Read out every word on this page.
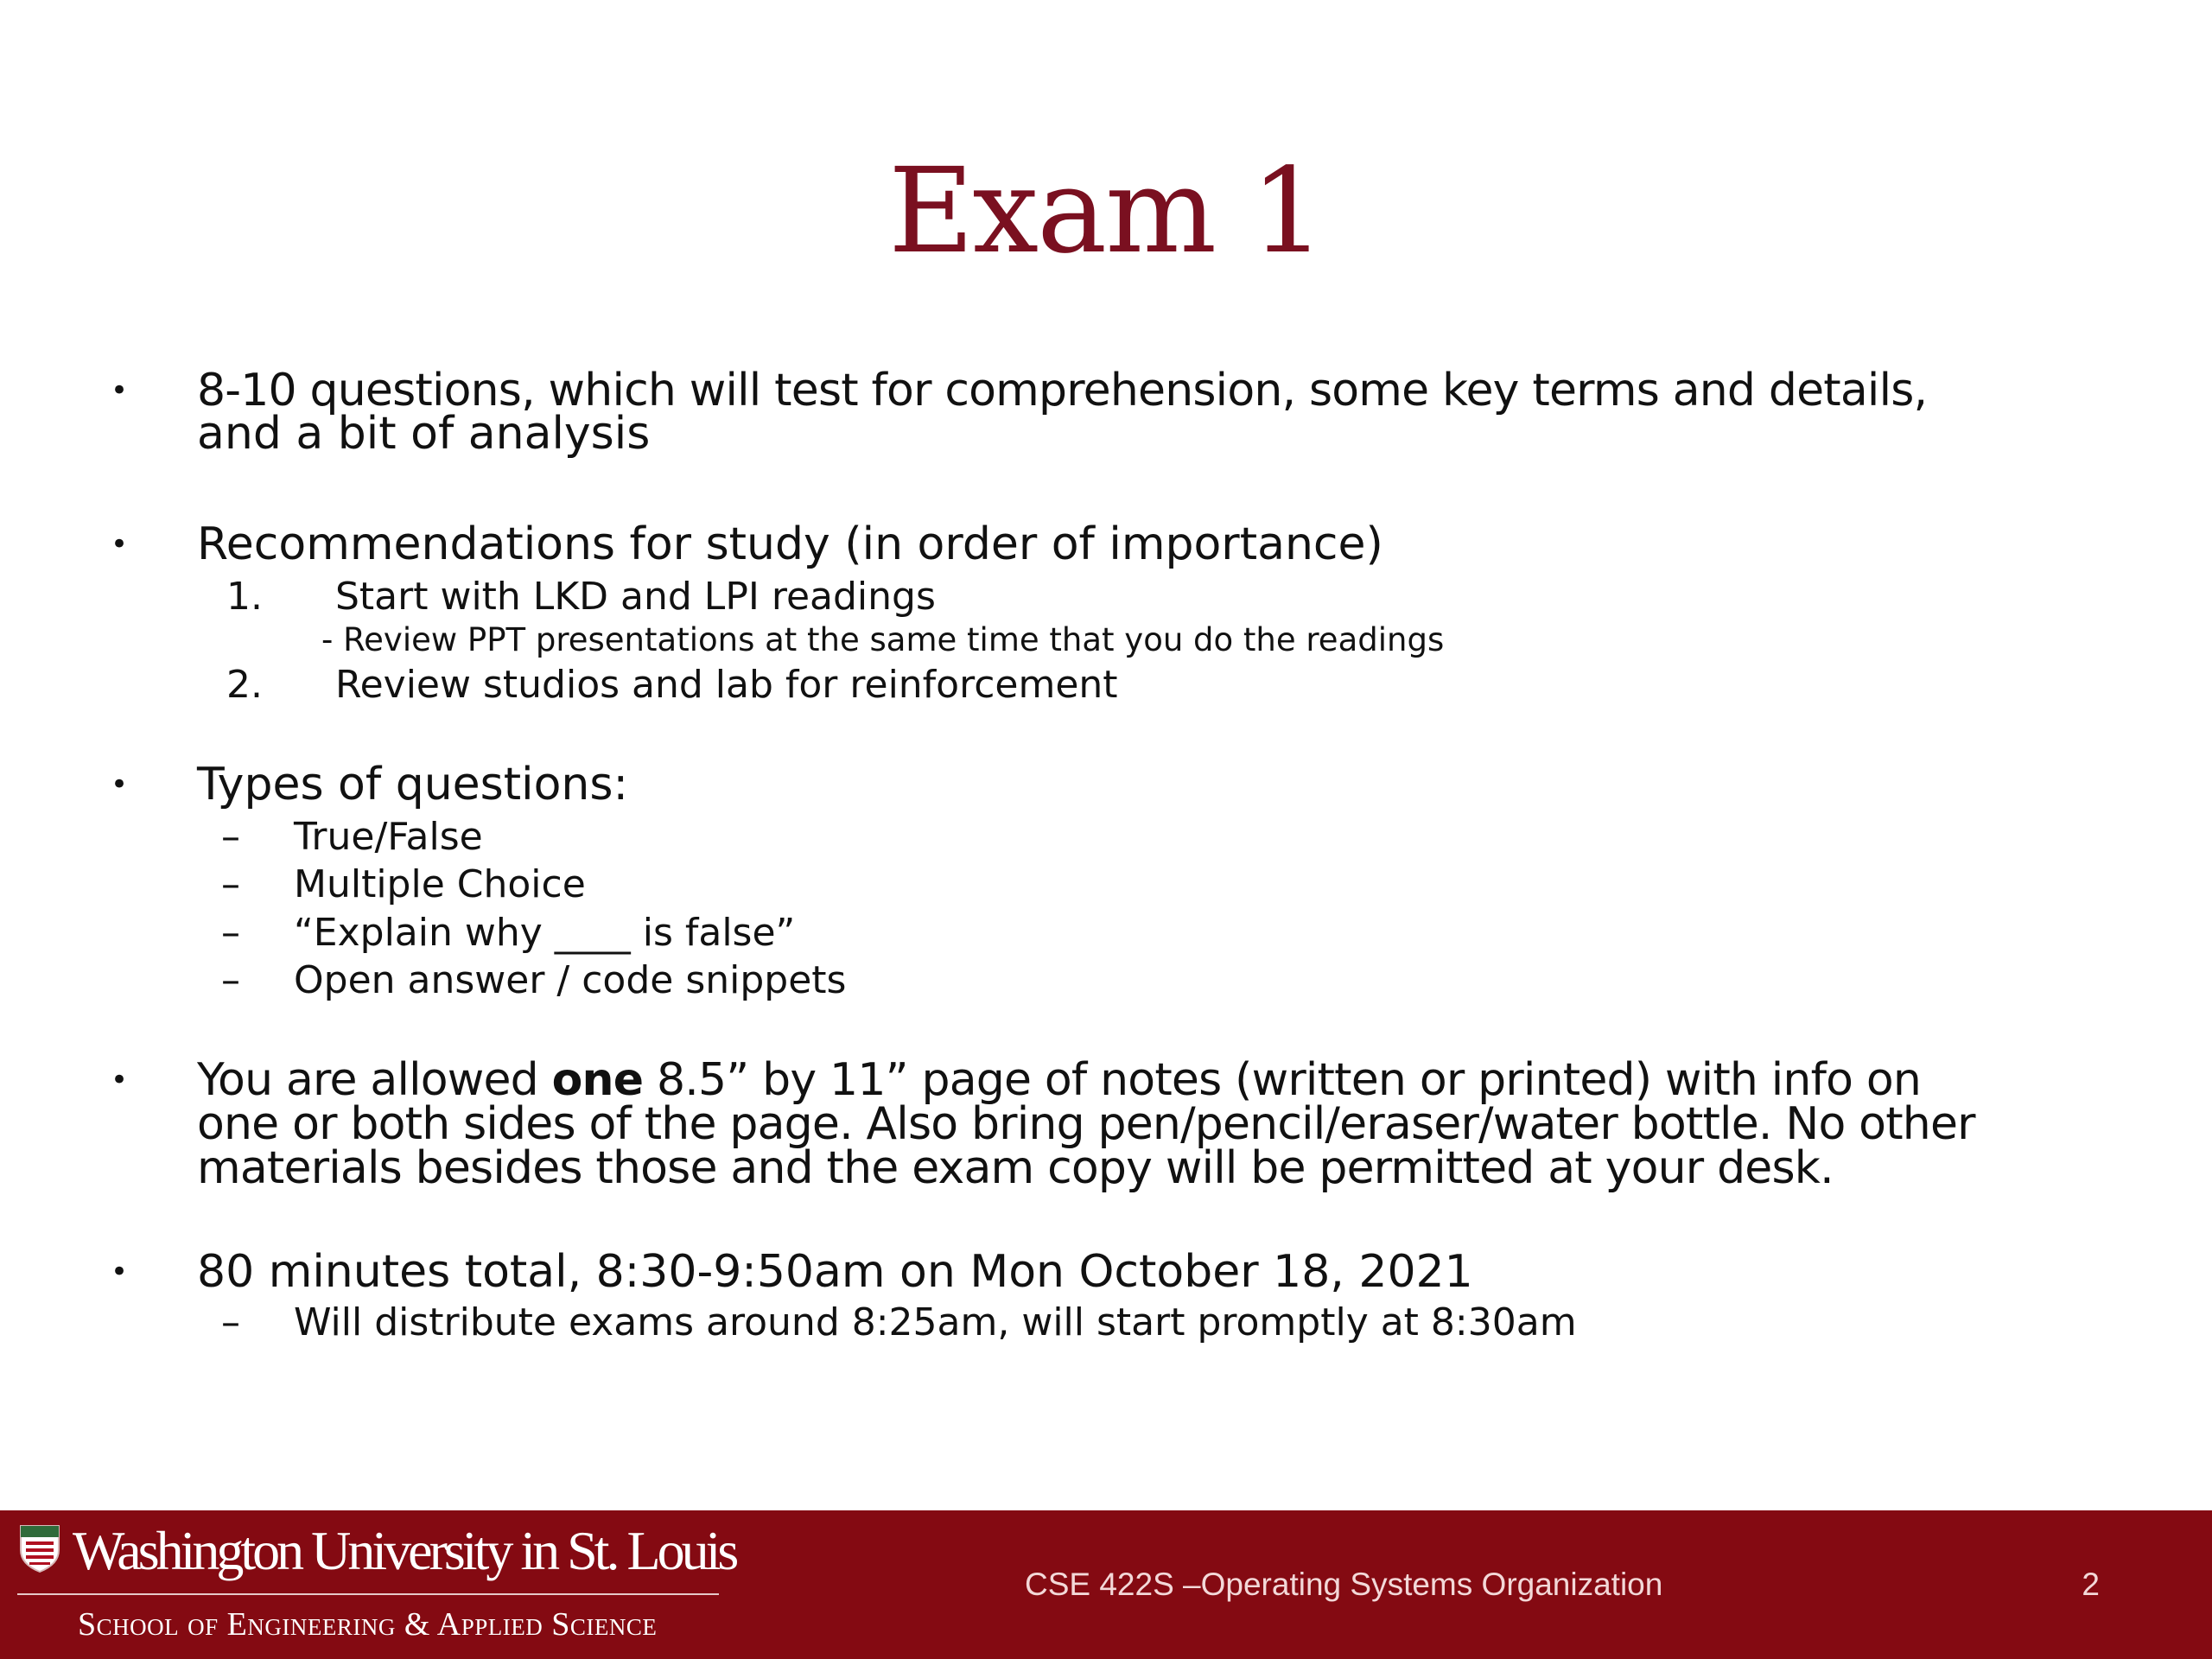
Exam 1
• 8-10 questions, which will test for comprehension, some key terms and details,
and a bit of analysis
• Recommendations for study (in order of importance)
1. Start with LKD and LPI readings
- Review PPT presentations at the same time that you do the readings
2. Review studios and lab for reinforcement
• Types of questions:
– True/False
– Multiple Choice
– “Explain why ____ is false”
– Open answer / code snippets
• You are allowed one 8.5” by 11” page of notes (written or printed) with info on
one or both sides of the page. Also bring pen/pencil/eraser/water bottle. No other
materials besides those and the exam copy will be permitted at your desk.
• 80 minutes total, 8:30-9:50am on Mon October 18, 2021
– Will distribute exams around 8:25am, will start promptly at 8:30am
Washington University in St. Louis
School of Engineering & Applied Science
CSE 422S –Operating Systems Organization	2
